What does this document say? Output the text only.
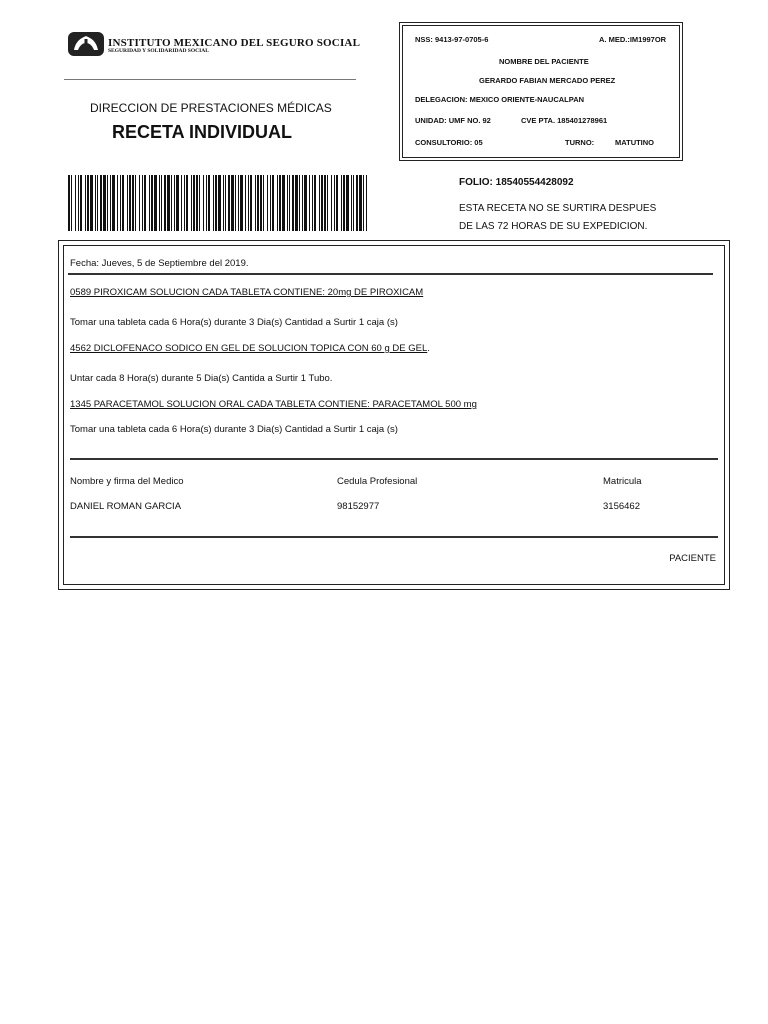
INSTITUTO MEXICANO DEL SEGURO SOCIAL
SEGURIDAD Y SOLIDARIDAD SOCIAL
DIRECCION DE PRESTACIONES MÉDICAS
RECETA INDIVIDUAL
NSS: 9413-97-0705-6	A. MED.:IM1997OR
NOMBRE DEL PACIENTE
GERARDO FABIAN MERCADO PEREZ
DELEGACION: MEXICO ORIENTE-NAUCALPAN
UNIDAD: UMF NO. 92	CVE PTA. 185401278961
CONSULTORIO: 05	TURNO:	MATUTINO
FOLIO: 18540554428092
ESTA RECETA NO SE SURTIRA DESPUES
DE LAS 72 HORAS DE SU EXPEDICION.
Fecha: Jueves, 5 de Septiembre del 2019.
0589 PIROXICAM SOLUCION CADA TABLETA CONTIENE: 20mg DE PIROXICAM
Tomar una tableta cada 6 Hora(s) durante 3 Dia(s) Cantidad a Surtir 1 caja (s)
4562 DICLOFENACO SODICO EN GEL DE SOLUCION TOPICA CON 60 g DE GEL.
Untar cada 8 Hora(s) durante 5 Dia(s) Cantida a Surtir 1 Tubo.
1345 PARACETAMOL SOLUCION ORAL CADA TABLETA CONTIENE: PARACETAMOL 500 mg
Tomar una tableta cada 6 Hora(s) durante 3 Dia(s) Cantidad a Surtir 1 caja (s)
Nombre y firma del Medico	Cedula Profesional	Matricula
DANIEL ROMAN GARCIA	98152977	3156462
PACIENTE
